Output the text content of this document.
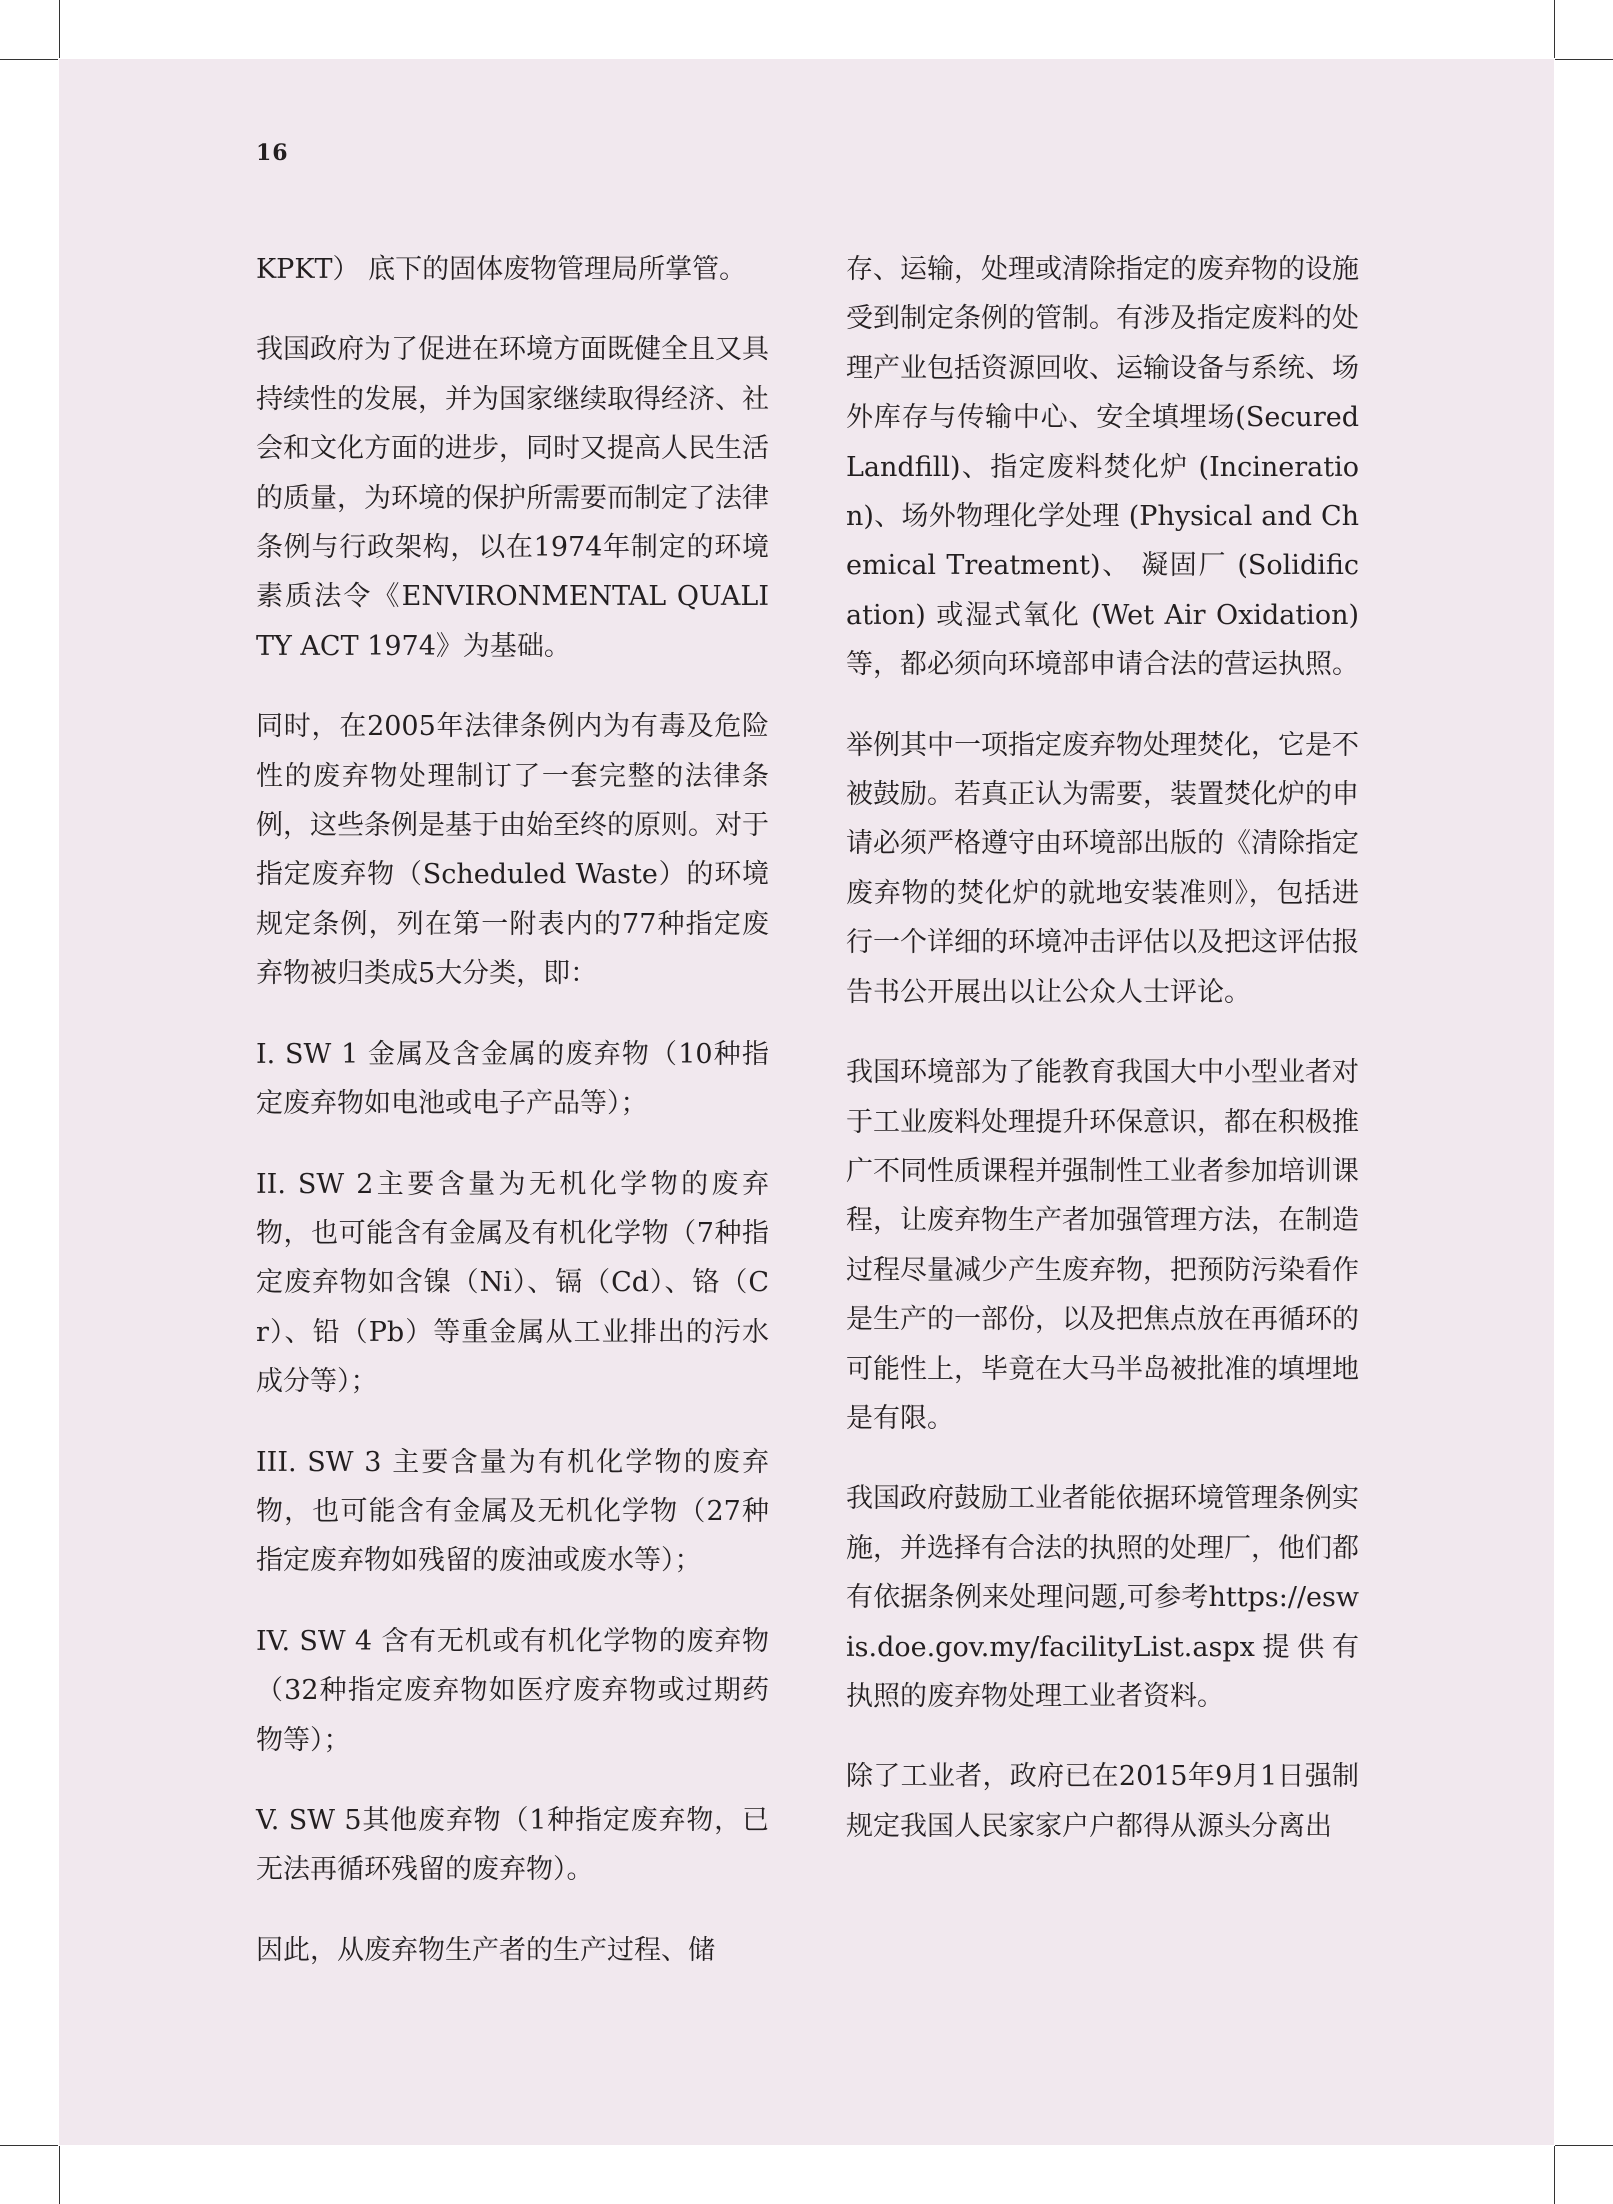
16

KPKT） 底下的固体废物管理局所掌管。

我国政府为了促进在环境方面既健全且又具持续性的发展，并为国家继续取得经济、社会和文化方面的进步，同时又提高人民生活的质量，为环境的保护所需要而制定了法律条例与行政架构，以在1974年制定的环境素质法令《ENVIRONMENTAL QUALITY ACT 1974》为基础。

同时，在2005年法律条例内为有毒及危险性的废弃物处理制订了一套完整的法律条例，这些条例是基于由始至终的原则。对于指定废弃物（Scheduled Waste）的环境规定条例，列在第一附表内的77种指定废弃物被归类成5大分类，即：

I. SW 1 金属及含金属的废弃物（10种指定废弃物如电池或电子产品等）；

II. SW 2主要含量为无机化学物的废弃物，也可能含有金属及有机化学物（7种指定废弃物如含镍（Ni）、镉（Cd）、铬（Cr）、铅（Pb）等重金属从工业排出的污水成分等）；

III. SW 3 主要含量为有机化学物的废弃物，也可能含有金属及无机化学物（27种指定废弃物如残留的废油或废水等）；

IV. SW 4 含有无机或有机化学物的废弃物（32种指定废弃物如医疗废弃物或过期药物等）；

V. SW 5其他废弃物（1种指定废弃物，已无法再循环残留的废弃物）。

因此，从废弃物生产者的生产过程、储

存、运输，处理或清除指定的废弃物的设施受到制定条例的管制。有涉及指定废料的处理产业包括资源回收、运输设备与系统、场外库存与传输中心、安全填埋场(Secured Landfill)、指定废料焚化炉 (Incineration)、场外物理化学处理 (Physical and Chemical Treatment)、 凝固厂 (Solidification) 或湿式氧化 (Wet Air Oxidation)等，都必须向环境部申请合法的营运执照。

举例其中一项指定废弃物处理焚化，它是不被鼓励。若真正认为需要，装置焚化炉的申请必须严格遵守由环境部出版的《清除指定废弃物的焚化炉的就地安装准则》，包括进行一个详细的环境冲击评估以及把这评估报告书公开展出以让公众人士评论。

我国环境部为了能教育我国大中小型业者对于工业废料处理提升环保意识，都在积极推广不同性质课程并强制性工业者参加培训课程，让废弃物生产者加强管理方法，在制造过程尽量减少产生废弃物，把预防污染看作是生产的一部份，以及把焦点放在再循环的可能性上，毕竟在大马半岛被批准的填埋地是有限。

我国政府鼓励工业者能依据环境管理条例实施，并选择有合法的执照的处理厂，他们都有依据条例来处理问题,可参考https://eswis.doe.gov.my/facilityList.aspx提供有执照的废弃物处理工业者资料。

除了工业者，政府已在2015年9月1日强制规定我国人民家家户户都得从源头分离出
